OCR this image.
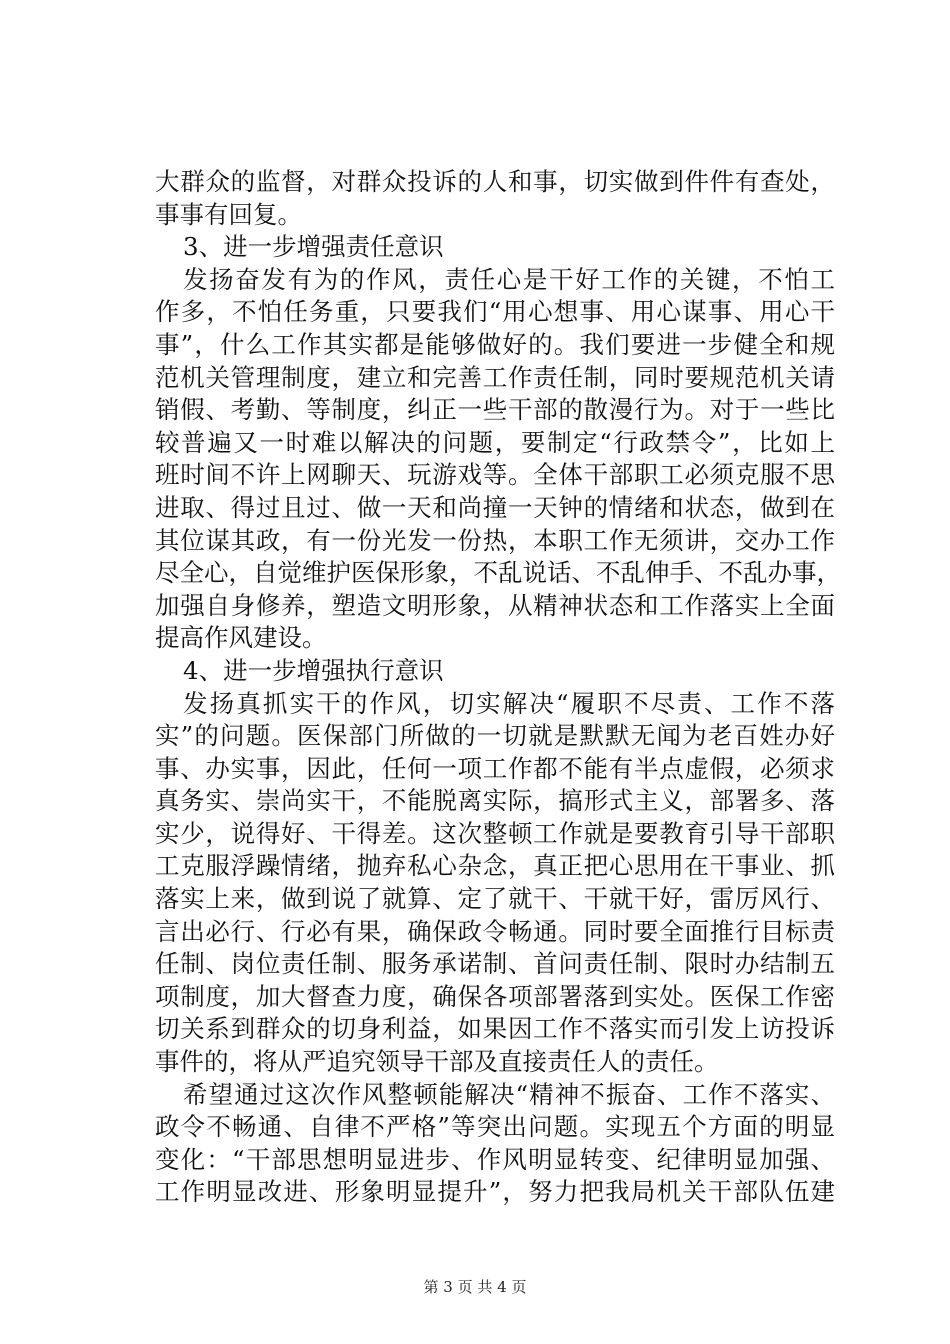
大群众的监督，对群众投诉的人和事，切实做到件件有查处，
事事有回复。
3、进一步增强责任意识
发扬奋发有为的作风，责任心是干好工作的关键，不怕工
作多，不怕任务重，只要我们“用心想事、用心谋事、用心干
事”，什么工作其实都是能够做好的。我们要进一步健全和规
范机关管理制度，建立和完善工作责任制，同时要规范机关请
销假、考勤、等制度，纠正一些干部的散漫行为。对于一些比
较普遍又一时难以解决的问题，要制定“行政禁令”，比如上
班时间不许上网聊天、玩游戏等。全体干部职工必须克服不思
进取、得过且过、做一天和尚撞一天钟的情绪和状态，做到在
其位谋其政，有一份光发一份热，本职工作无须讲，交办工作
尽全心，自觉维护医保形象，不乱说话、不乱伸手、不乱办事，
加强自身修养，塑造文明形象，从精神状态和工作落实上全面
提高作风建设。
4、进一步增强执行意识
发扬真抓实干的作风，切实解决“履职不尽责、工作不落
实”的问题。医保部门所做的一切就是默默无闻为老百姓办好
事、办实事，因此，任何一项工作都不能有半点虚假，必须求
真务实、崇尚实干，不能脱离实际，搞形式主义，部署多、落
实少，说得好、干得差。这次整顿工作就是要教育引导干部职
工克服浮躁情绪，抛弃私心杂念，真正把心思用在干事业、抓
落实上来，做到说了就算、定了就干、干就干好，雷厉风行、
言出必行、行必有果，确保政令畅通。同时要全面推行目标责
任制、岗位责任制、服务承诺制、首问责任制、限时办结制五
项制度，加大督查力度，确保各项部署落到实处。医保工作密
切关系到群众的切身利益，如果因工作不落实而引发上访投诉
事件的，将从严追究领导干部及直接责任人的责任。
希望通过这次作风整顿能解决“精神不振奋、工作不落实、
政令不畅通、自律不严格”等突出问题。实现五个方面的明显
变化：“干部思想明显进步、作风明显转变、纪律明显加强、
工作明显改进、形象明显提升”，努力把我局机关干部队伍建
第 3 页 共 4 页
